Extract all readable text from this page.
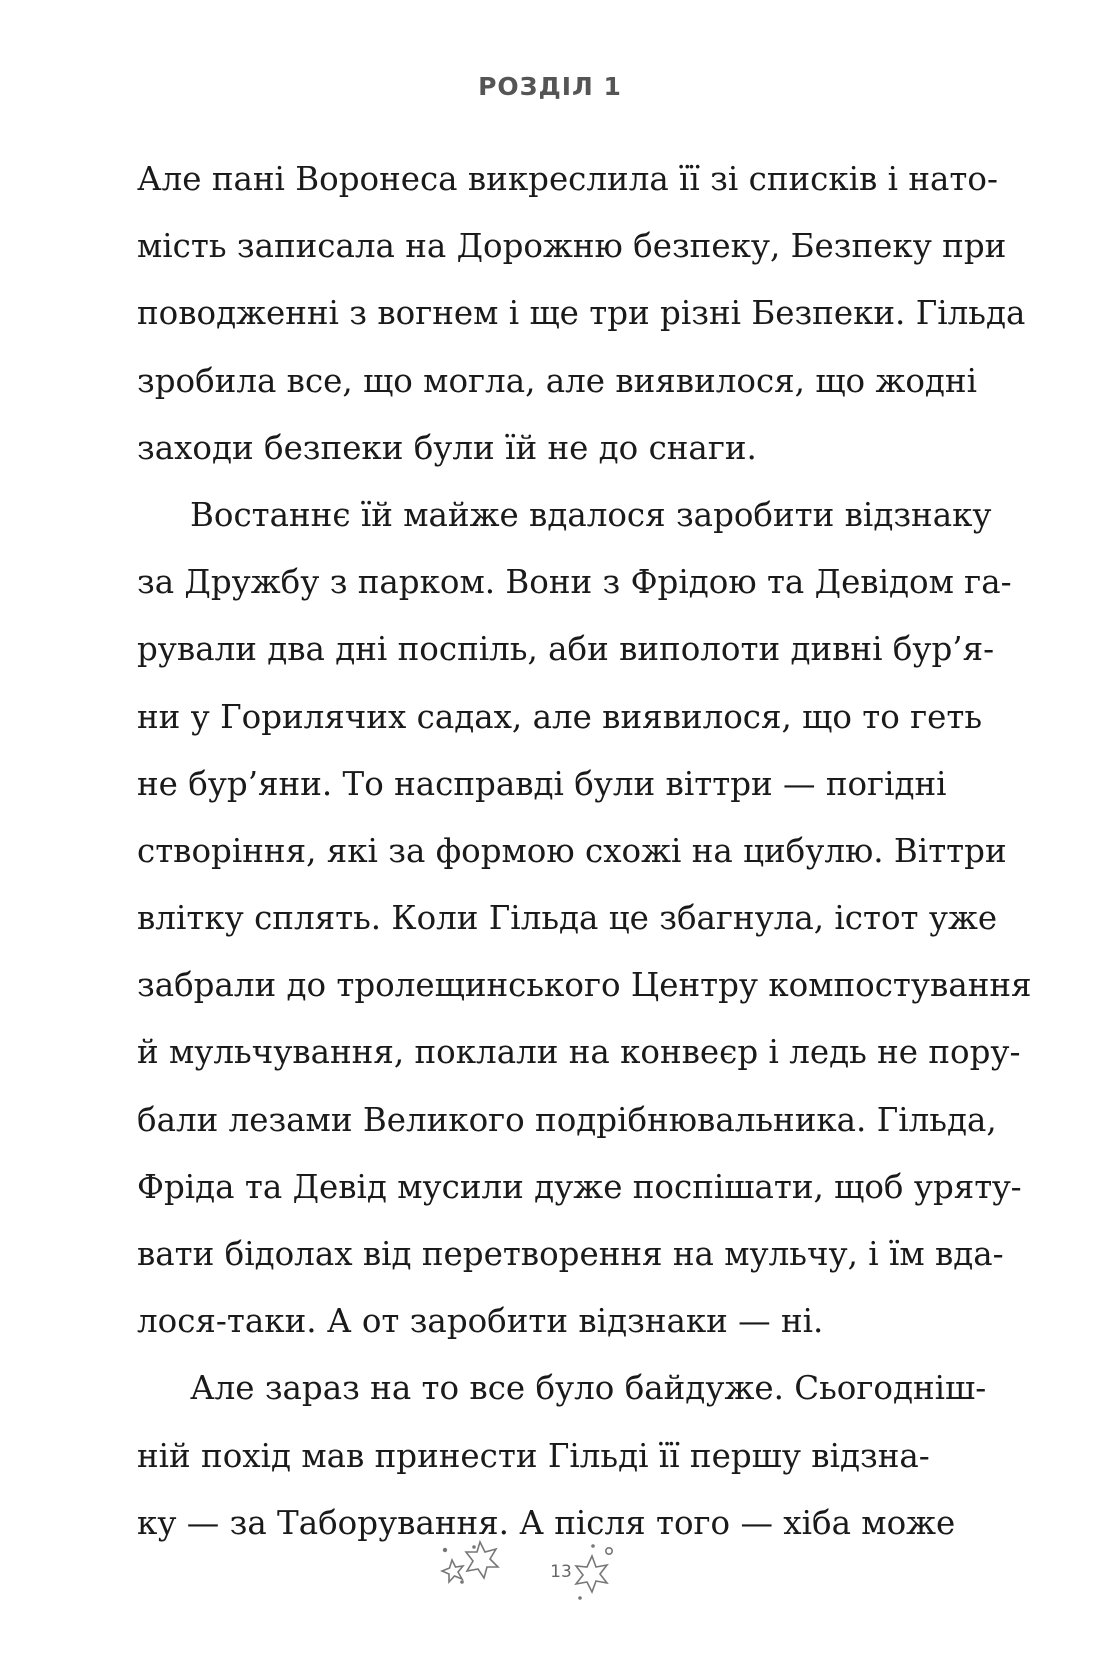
РОЗДІЛ 1
Але пані Воронеса викреслила її зі списків і нато-
мість записала на Дорожню безпеку, Безпеку при
поводженні з вогнем і ще три різні Безпеки. Гільда
зробила все, що могла, але виявилося, що жодні
заходи безпеки були їй не до снаги.
Востаннє їй майже вдалося заробити відзнаку
за Дружбу з парком. Вони з Фрідою та Девідом га-
рували два дні поспіль, аби виполоти дивні бур’я-
ни у Горилячих садах, але виявилося, що то геть
не бур’яни. То насправді були віттри — погідні
створіння, які за формою схожі на цибулю. Віттри
влітку сплять. Коли Гільда це збагнула, істот уже
забрали до тролещинського Центру компостування
й мульчування, поклали на конвеєр і ледь не пору-
бали лезами Великого подрібнювальника. Гільда,
Фріда та Девід мусили дуже поспішати, щоб урятy-
вати бідолах від перетворення на мульчу, і їм вда-
лося-таки. А от заробити відзнаки — ні.
Але зараз на то все було байдуже. Сьогоднiш-
ній похід мав принести Гільді її першу відзна-
ку — за Таборування. А після того — хіба може
13
